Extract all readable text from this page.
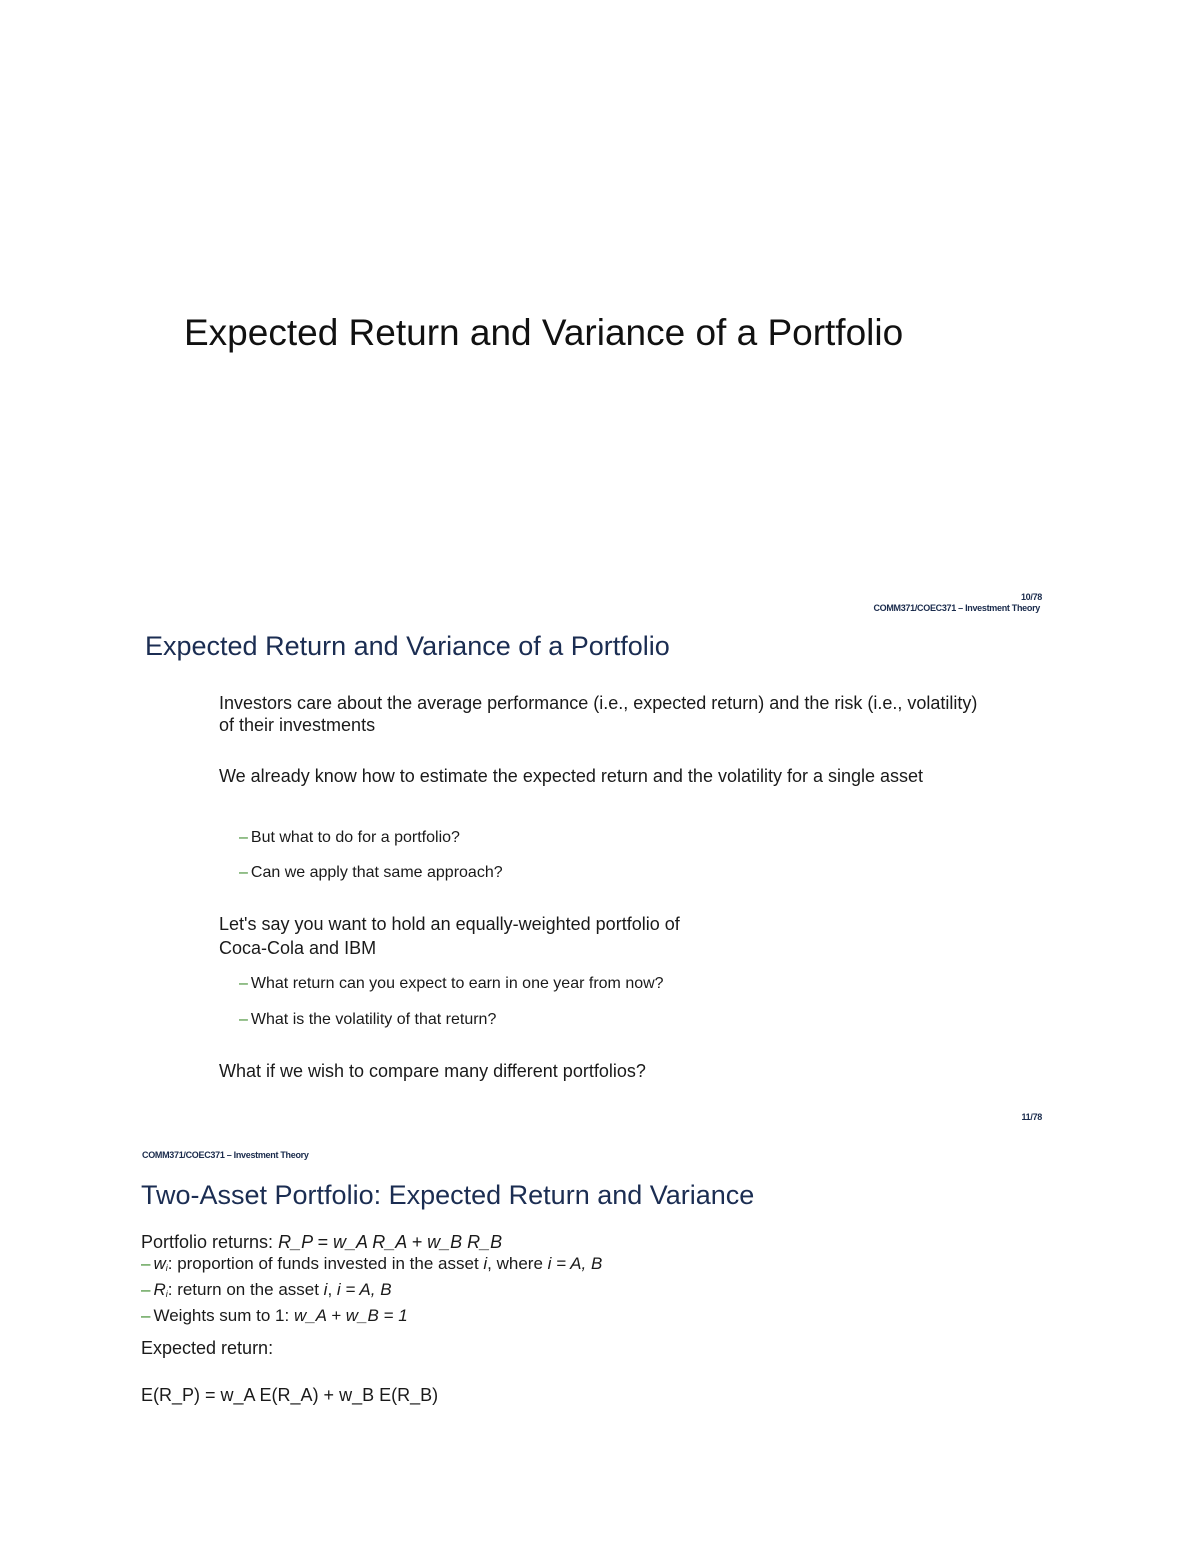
Expected Return and Variance of a Portfolio
10/78
COMM371/COEC371 – Investment Theory
Expected Return and Variance of a Portfolio
Investors care about the average performance (i.e., expected return) and the risk (i.e., volatility) of their investments
We already know how to estimate the expected return and the volatility for a single asset
– But what to do for a portfolio?
– Can we apply that same approach?
Let's say you want to hold an equally-weighted portfolio of
Coca-Cola and IBM
– What return can you expect to earn in one year from now?
– What is the volatility of that return?
What if we wish to compare many different portfolios?
11/78
COMM371/COEC371 – Investment Theory
Two-Asset Portfolio: Expected Return and Variance
Portfolio returns: R_P = w_A R_A + w_B R_B
– $w_i$: proportion of funds invested in the asset i, where i = A, B
– $R_i$: return on the asset i, i = A, B
– Weights sum to 1: w_A + w_B = 1
Expected return:
E(R_P) = w_A E(R_A) + w_B E(R_B)
